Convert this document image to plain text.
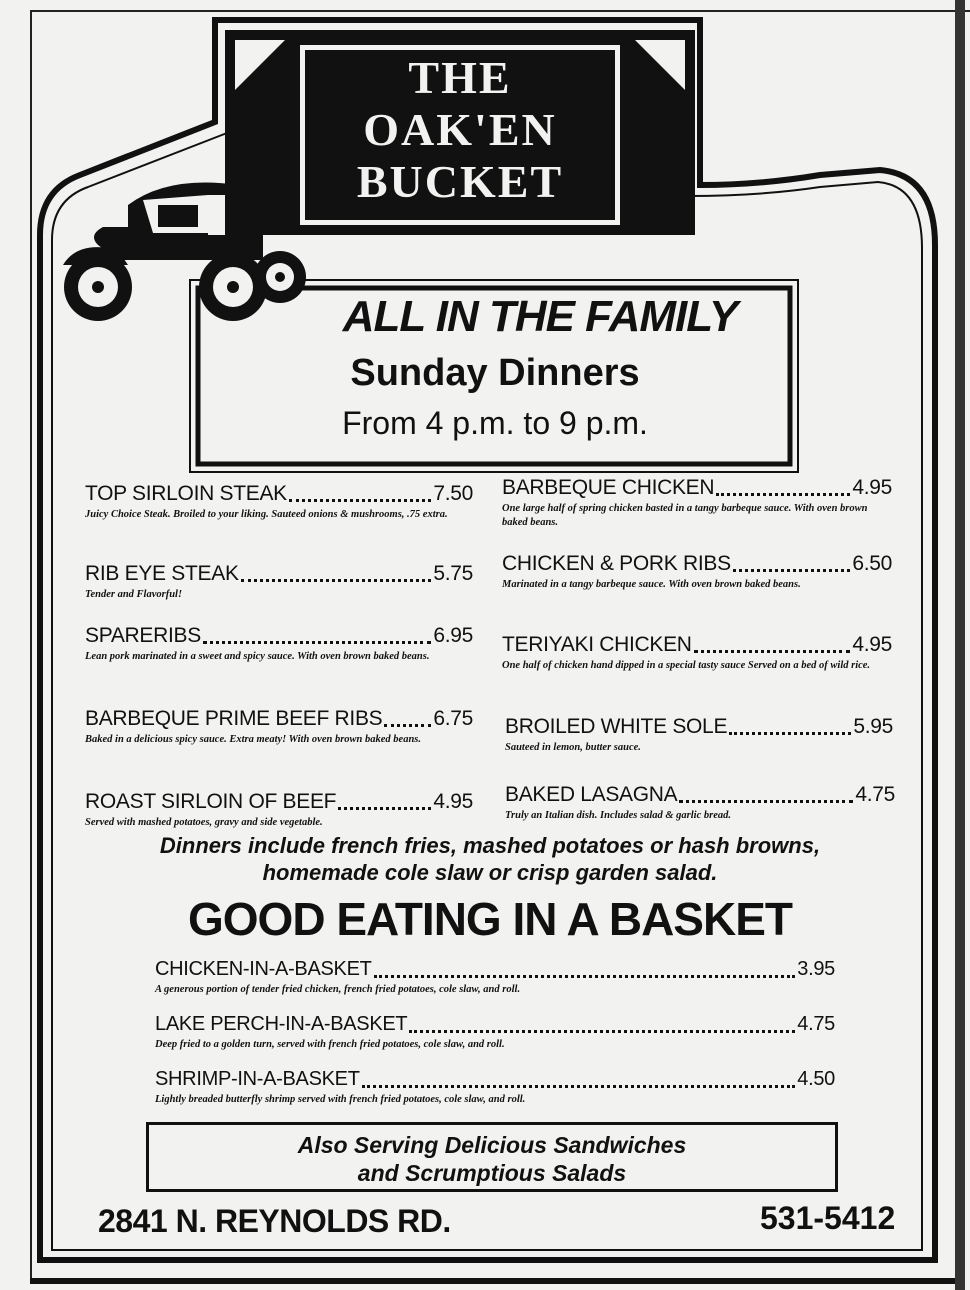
THE
OAK'EN
BUCKET
ALL IN THE FAMILY
Sunday Dinners
From 4 p.m. to 9 p.m.
TOP SIRLOIN STEAK	7.50
Juicy Choice Steak. Broiled to your liking. Sauteed onions & mushrooms, .75 extra.
RIB EYE STEAK	5.75
Tender and Flavorful!
SPARERIBS	6.95
Lean pork marinated in a sweet and spicy sauce. With oven brown baked beans.
BARBEQUE PRIME BEEF RIBS 6.75
Baked in a delicious spicy sauce. Extra meaty! With oven brown baked beans.
ROAST SIRLOIN OF BEEF	4.95
Served with mashed potatoes, gravy and side vegetable.
BARBEQUE CHICKEN	4.95
One large half of spring chicken basted in a tangy barbeque sauce. With oven brown baked beans.
CHICKEN & PORK RIBS	6.50
Marinated in a tangy barbeque sauce. With oven brown baked beans.
TERIYAKI CHICKEN	4.95
One half of chicken hand dipped in a special tasty sauce Served on a bed of wild rice.
BROILED WHITE SOLE	5.95
Sauteed in lemon, butter sauce.
BAKED LASAGNA	4.75
Truly an Italian dish. Includes salad & garlic bread.
Dinners include french fries, mashed potatoes or hash browns,
homemade cole slaw or crisp garden salad.
GOOD EATING IN A BASKET
CHICKEN-IN-A-BASKET	3.95
A generous portion of tender fried chicken, french fried potatoes, cole slaw, and roll.
LAKE PERCH-IN-A-BASKET	4.75
Deep fried to a golden turn, served with french fried potatoes, cole slaw, and roll.
SHRIMP-IN-A-BASKET	4.50
Lightly breaded butterfly shrimp served with french fried potatoes, cole slaw, and roll.
Also Serving Delicious Sandwiches
and Scrumptious Salads
2841 N. REYNOLDS RD.	531-5412
